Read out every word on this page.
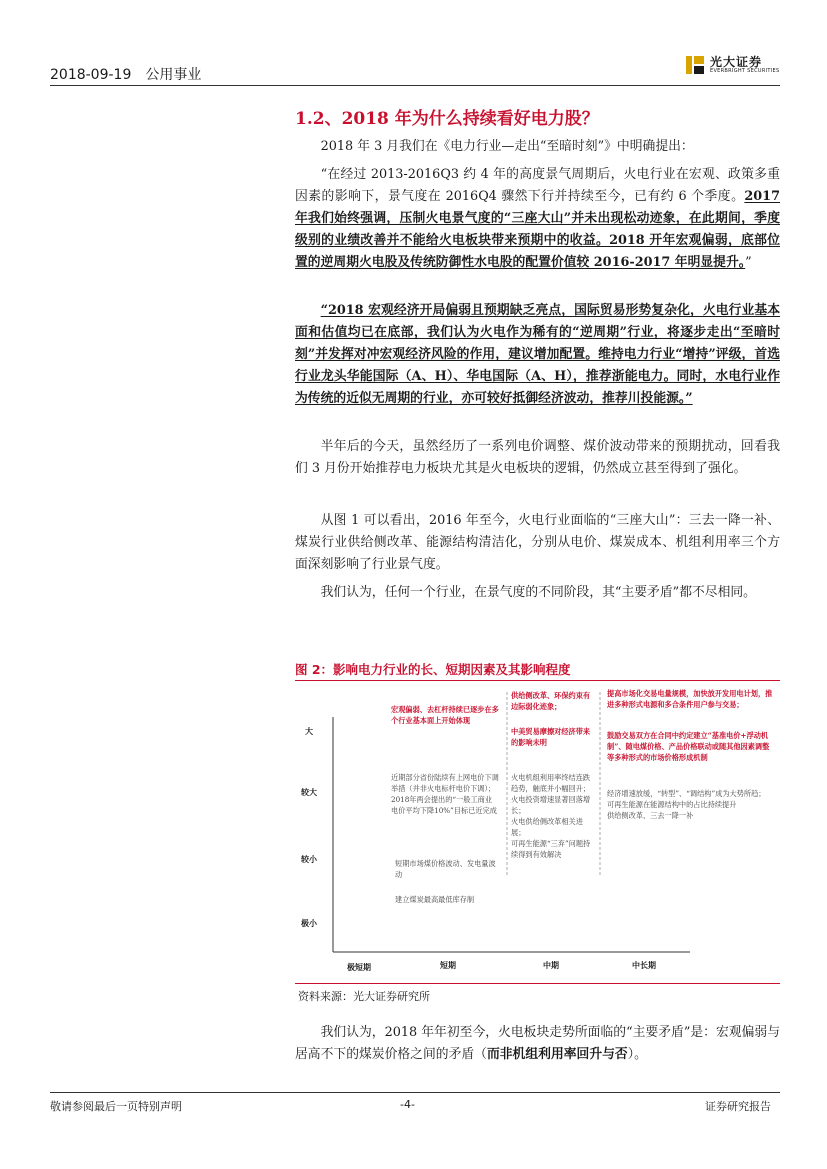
2018-09-19　公用事业
光大证券
EVERBRIGHT SECURITIES
1.2、2018 年为什么持续看好电力股？
2018 年 3 月我们在《电力行业—走出“至暗时刻”》中明确提出：
“在经过 2013-2016Q3 约 4 年的高度景气周期后，火电行业在宏观、政策多重因素的影响下，景气度在 2016Q4 骤然下行并持续至今，已有约 6 个季度。2017 年我们始终强调，压制火电景气度的“三座大山”并未出现松动迹象，在此期间，季度级别的业绩改善并不能给火电板块带来预期中的收益。2018 开年宏观偏弱，底部位置的逆周期火电股及传统防御性水电股的配置价值较 2016-2017 年明显提升。”
“2018 宏观经济开局偏弱且预期缺乏亮点，国际贸易形势复杂化，火电行业基本面和估值均已在底部，我们认为火电作为稀有的“逆周期”行业，将逐步走出“至暗时刻”并发挥对冲宏观经济风险的作用，建议增加配置。维持电力行业“增持”评级，首选行业龙头华能国际（A、H）、华电国际（A、H），推荐浙能电力。同时，水电行业作为传统的近似无周期的行业，亦可较好抵御经济波动，推荐川投能源。”
半年后的今天，虽然经历了一系列电价调整、煤价波动带来的预期扰动，回看我们 3 月份开始推荐电力板块尤其是火电板块的逻辑，仍然成立甚至得到了强化。
从图 1 可以看出，2016 年至今，火电行业面临的“三座大山”：三去一降一补、煤炭行业供给侧改革、能源结构清洁化，分别从电价、煤炭成本、机组利用率三个方面深刻影响了行业景气度。
我们认为，任何一个行业，在景气度的不同阶段，其“主要矛盾”都不尽相同。
图 2：影响电力行业的长、短期因素及其影响程度
大
较大
较小
极小
极短期	短期	中期	中长期
宏观偏弱、去杠杆持续已逐步在多个行业基本面上开始体现
近期部分省份陆续有上网电价下调举措（并非火电标杆电价下调）；
2018年两会提出的“一般工商业电价平均下降10%”目标已近完成
短期市场煤价格波动、发电量波动
建立煤炭最高最低库存制
供给侧改革、环保约束有边际弱化迹象；
中美贸易摩擦对经济带来的影响未明
火电机组利用率终结连跌趋势，触底并小幅回升；
火电投资增速显著回落增长；
火电供给侧改革相关进展；
可再生能源“三弃”问题持续得到有效解决
提高市场化交易电量规模，加快放开发用电计划，推进多种形式电源和多合条件用户参与交易；
鼓励交易双方在合同中约定建立“基准电价+浮动机制”、随电煤价格、产品价格联动或随其他因素调整等多种形式的市场价格形成机制
经济增速放缓，“转型”、“调结构”成为大势所趋；
可再生能源在能源结构中的占比持续提升
供给侧改革、三去一降一补
资料来源：光大证券研究所
我们认为，2018 年年初至今，火电板块走势所面临的“主要矛盾”是：宏观偏弱与居高不下的煤炭价格之间的矛盾（而非机组利用率回升与否）。
敬请参阅最后一页特别声明	-4-	证券研究报告
